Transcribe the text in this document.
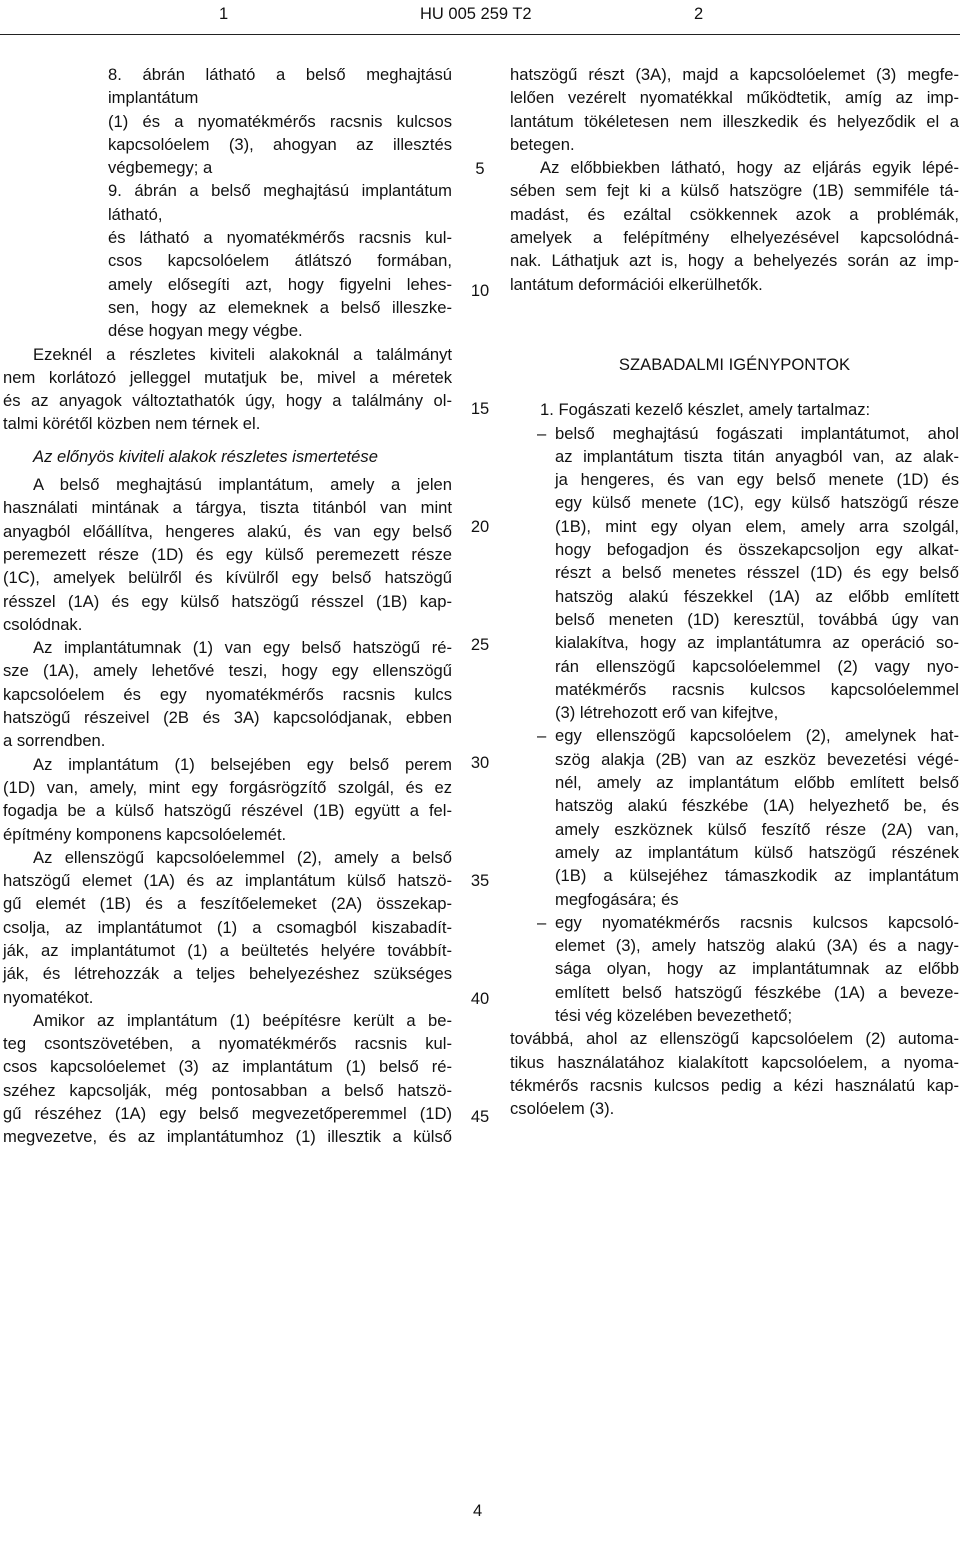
1	HU 005 259 T2	2

8. ábrán látható a belső meghajtású implantátum

(1) és a nyomatékmérős racsnis kulcsos

kapcsolóelem (3), ahogyan az illesztés

végbemegy; a

9. ábrán a belső meghajtású implantátum látható,

és látható a nyomatékmérős racsnis kul-

csos kapcsolóelem átlátszó formában,

amely elősegíti azt, hogy figyelni lehes-

sen, hogy az elemeknek a belső illeszke-

dése hogyan megy végbe.

Ezeknél a részletes kiviteli alakoknál a találmányt

nem korlátozó jelleggel mutatjuk be, mivel a méretek

és az anyagok változtathatók úgy, hogy a találmány ol-

talmi körétől közben nem térnek el.

Az előnyös kiviteli alakok részletes ismertetése

A belső meghajtású implantátum, amely a jelen

használati mintának a tárgya, tiszta titánból van mint

anyagból előállítva, hengeres alakú, és van egy belső

peremezett része (1D) és egy külső peremezett része

(1C), amelyek belülről és kívülről egy belső hatszögű

résszel (1A) és egy külső hatszögű résszel (1B) kap-

csolódnak.

Az implantátumnak (1) van egy belső hatszögű ré-

sze (1A), amely lehetővé teszi, hogy egy ellenszögű

kapcsolóelem és egy nyomatékmérős racsnis kulcs

hatszögű részeivel (2B és 3A) kapcsolódjanak, ebben

a sorrendben.

Az implantátum (1) belsejében egy belső perem

(1D) van, amely, mint egy forgásrögzítő szolgál, és ez

fogadja be a külső hatszögű részével (1B) együtt a fel-

építmény komponens kapcsolóelemét.

Az ellenszögű kapcsolóelemmel (2), amely a belső

hatszögű elemet (1A) és az implantátum külső hatszö-

gű elemét (1B) és a feszítőelemeket (2A) összekap-

csolja, az implantátumot (1) a csomagból kiszabadít-

ják, az implantátumot (1) a beültetés helyére továbbít-

ják, és létrehozzák a teljes behelyezéshez szükséges

nyomatékot.

Amikor az implantátum (1) beépítésre került a be-

teg csontszövetében, a nyomatékmérős racsnis kul-

csos kapcsolóelemet (3) az implantátum (1) belső ré-

széhez kapcsolják, még pontosabban a belső hatszö-

gű részéhez (1A) egy belső megvezetőperemmel (1D)

megvezetve, és az implantátumhoz (1) illesztik a külső

5
10
15
20
25
30
35
40
45

hatszögű részt (3A), majd a kapcsolóelemet (3) megfe-

lelően vezérelt nyomatékkal működtetik, amíg az imp-

lantátum tökéletesen nem illeszkedik és helyeződik el a

betegen.

Az előbbiekben látható, hogy az eljárás egyik lépé-

sében sem fejt ki a külső hatszögre (1B) semmiféle tá-

madást, és ezáltal csökkennek azok a problémák,

amelyek a felépítmény elhelyezésével kapcsolódná-

nak. Láthatjuk azt is, hogy a behelyezés során az imp-

lantátum deformációi elkerülhetők.

SZABADALMI IGÉNYPONTOK

1. Fogászati kezelő készlet, amely tartalmaz:

– belső meghajtású fogászati implantátumot, ahol

az implantátum tiszta titán anyagból van, az alak-

ja hengeres, és van egy belső menete (1D) és

egy külső menete (1C), egy külső hatszögű része

(1B), mint egy olyan elem, amely arra szolgál,

hogy befogadjon és összekapcsoljon egy alkat-

részt a belső menetes résszel (1D) és egy belső

hatszög alakú fészekkel (1A) az előbb említett

belső meneten (1D) keresztül, továbbá úgy van

kialakítva, hogy az implantátumra az operáció so-

rán ellenszögű kapcsolóelemmel (2) vagy nyo-

matékmérős racsnis kulcsos kapcsolóelemmel

(3) létrehozott erő van kifejtve,

– egy ellenszögű kapcsolóelem (2), amelynek hat-

szög alakja (2B) van az eszköz bevezetési végé-

nél, amely az implantátum előbb említett belső

hatszög alakú fészkébe (1A) helyezhető be, és

amely eszköznek külső feszítő része (2A) van,

amely az implantátum külső hatszögű részének

(1B) a külsejéhez támaszkodik az implantátum

megfogására; és

– egy nyomatékmérős racsnis kulcsos kapcsoló-

elemet (3), amely hatszög alakú (3A) és a nagy-

sága olyan, hogy az implantátumnak az előbb

említett belső hatszögű fészkébe (1A) a beveze-

tési vég közelében bevezethető;

továbbá, ahol az ellenszögű kapcsolóelem (2) automa-

tikus használatához kialakított kapcsolóelem, a nyoma-

tékmérős racsnis kulcsos pedig a kézi használatú kap-

csolóelem (3).

4
